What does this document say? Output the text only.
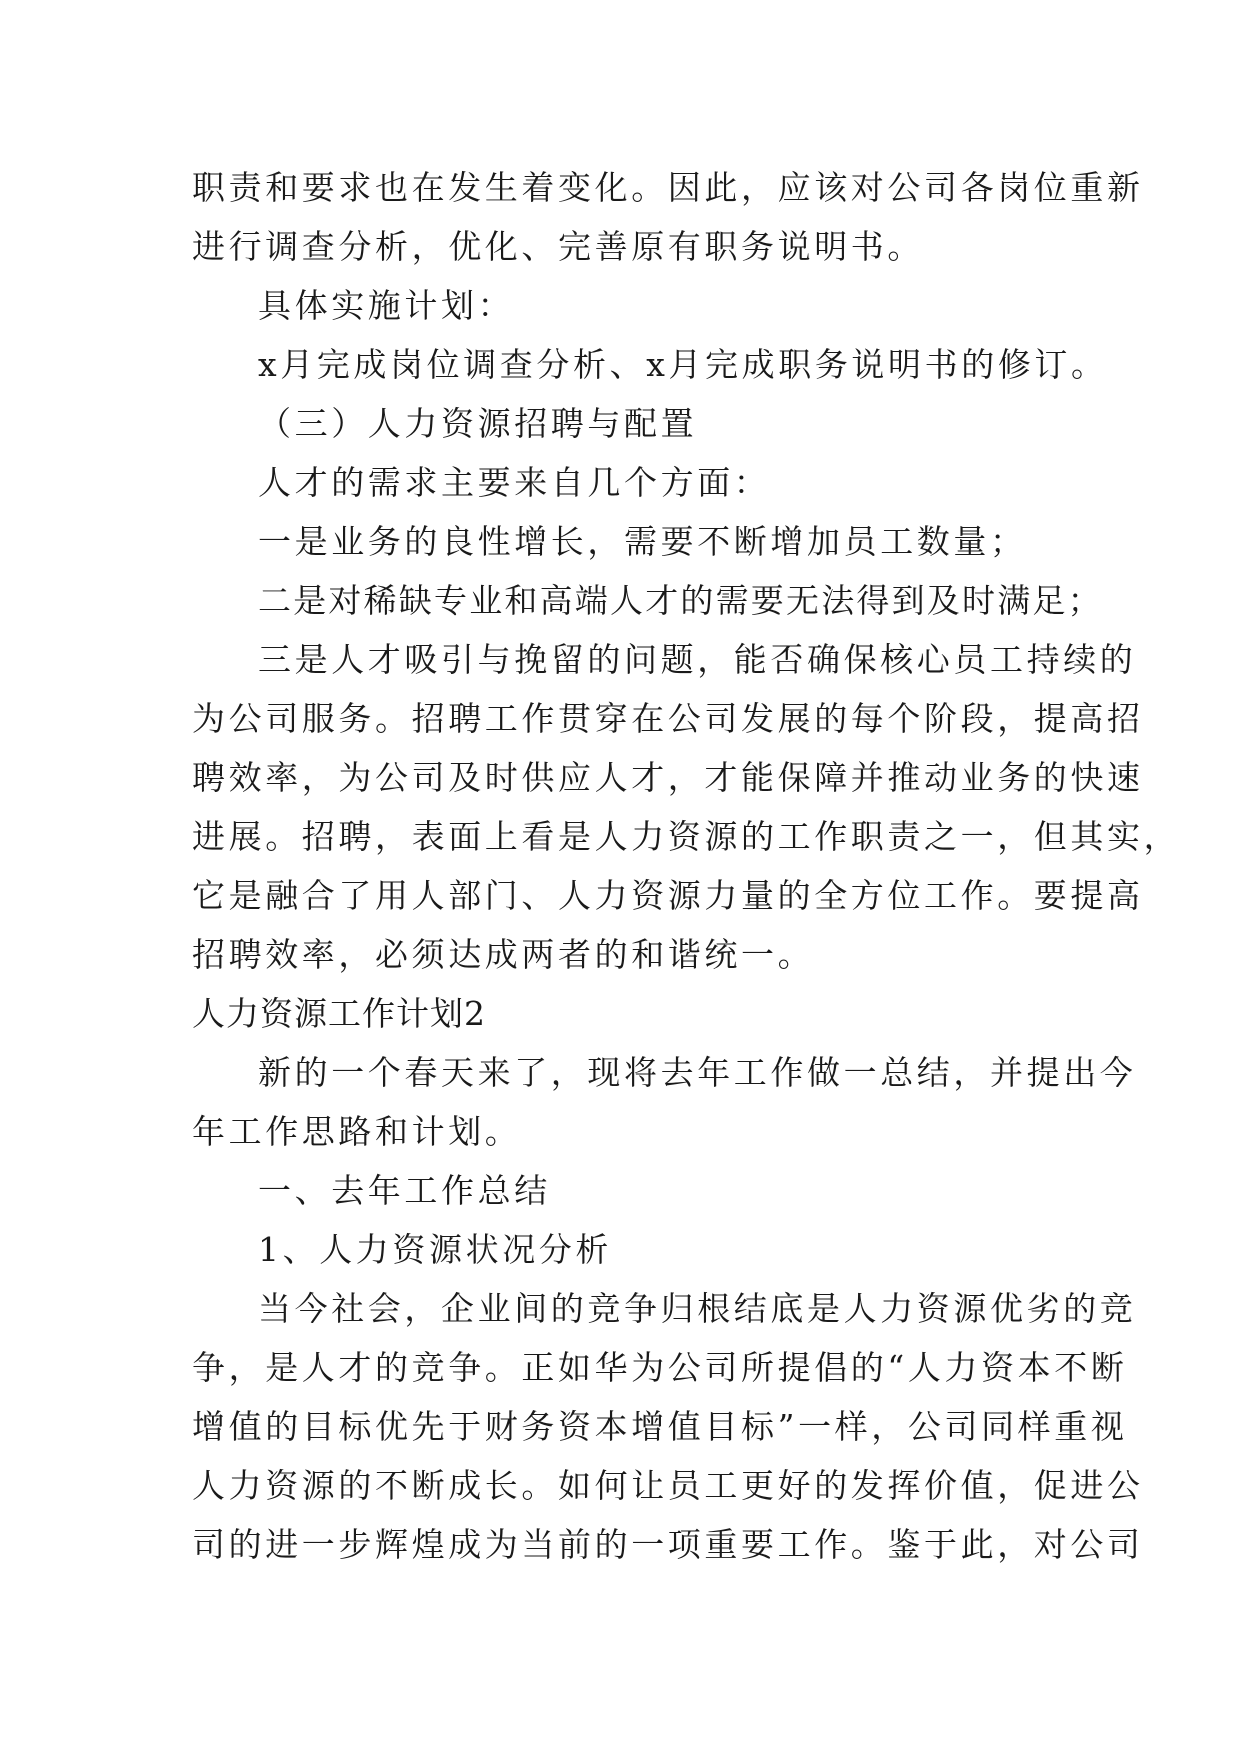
职责和要求也在发生着变化。因此，应该对公司各岗位重新
进行调查分析，优化、完善原有职务说明书。
具体实施计划：
x月完成岗位调查分析、x月完成职务说明书的修订。
（三）人力资源招聘与配置
人才的需求主要来自几个方面：
一是业务的良性增长，需要不断增加员工数量；
二是对稀缺专业和高端人才的需要无法得到及时满足；
三是人才吸引与挽留的问题，能否确保核心员工持续的
为公司服务。招聘工作贯穿在公司发展的每个阶段，提高招
聘效率，为公司及时供应人才，才能保障并推动业务的快速
进展。招聘，表面上看是人力资源的工作职责之一，但其实，
它是融合了用人部门、人力资源力量的全方位工作。要提高
招聘效率，必须达成两者的和谐统一。
人力资源工作计划2
新的一个春天来了，现将去年工作做一总结，并提出今
年工作思路和计划。
一、去年工作总结
1、人力资源状况分析
当今社会，企业间的竞争归根结底是人力资源优劣的竞
争，是人才的竞争。正如华为公司所提倡的“人力资本不断
增值的目标优先于财务资本增值目标”一样，公司同样重视
人力资源的不断成长。如何让员工更好的发挥价值，促进公
司的进一步辉煌成为当前的一项重要工作。鉴于此，对公司
